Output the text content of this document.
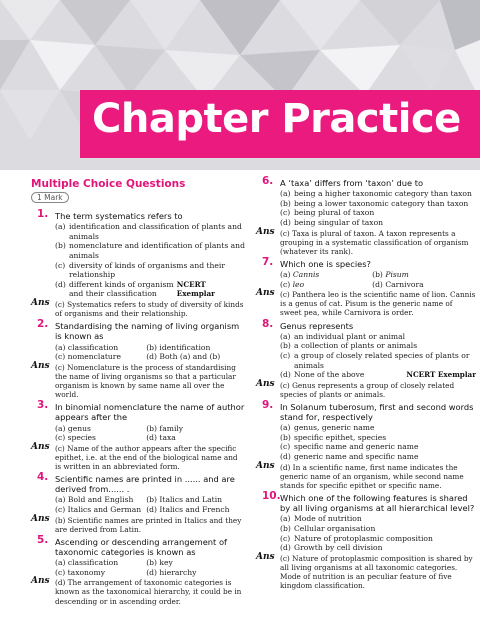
Chapter Practice
Multiple Choice Questions
1 Mark
1. The term systematics refers to
(a) identification and classification of plants and animals
(b) nomenclature and identification of plants and animals
(c) diversity of kinds of organisms and their relationship
(d) different kinds of organism and their classification
NCERT Exemplar
Ans (c) Systematics refers to study of diversity of kinds of organisms and their relationship.
2. Standardising the naming of living organism is known as
(a) classification	(b) identification
(c) nomenclature	(d) Both (a) and (b)
Ans (c) Nomenclature is the process of standardising the name of living organisms so that a particular organism is known by same name all over the world.
3. In binomial nomenclature the name of author appears after the
(a) genus	(b) family
(c) species	(d) taxa
Ans (c) Name of the author appears after the specific epithet, i.e. at the end of the biological name and is written in an abbreviated form.
4. Scientific names are printed in ...... and are derived from...... .
(a) Bold and English	(b) Italics and Latin
(c) Italics and German (d) Italics and French
Ans (b) Scientific names are printed in Italics and they are derived from Latin.
5. Ascending or descending arrangement of taxonomic categories is known as
(a) classification	(b) key
(c) taxonomy	(d) hierarchy
Ans (d) The arrangement of taxonomic categories is known as the taxonomical hierarchy, it could be in descending or in ascending order.
6. A ‘taxa’ differs from ‘taxon’ due to
(a) being a higher taxonomic category than taxon
(b) being a lower taxonomic category than taxon
(c) being plural of taxon
(d) being singular of taxon
Ans (c) Taxa is plural of taxon. A taxon represents a grouping in a systematic classification of organism (whatever its rank).
7. Which one is species?
(a) Cannis	(b) Pisum
(c) leo	(d) Carnivora
Ans (c) Panthera leo is the scientific name of lion. Cannis is a genus of cat. Pisum is the generic name of sweet pea, while Carnivora is order.
8. Genus represents
(a) an individual plant or animal
(b) a collection of plants or animals
(c) a group of closely related species of plants or animals
(d) None of the above	NCERT Exemplar
Ans (c) Genus represents a group of closely related species of plants or animals.
9. In Solanum tuberosum, first and second words stand for, respectively
(a) genus, generic name
(b) specific epithet, species
(c) specific name and generic name
(d) generic name and specific name
Ans (d) In a scientific name, first name indicates the generic name of an organism, while second name stands for specific epithet or specific name.
10. Which one of the following features is shared by all living organisms at all hierarchical level?
(a) Mode of nutrition
(b) Cellular organisation
(c) Nature of protoplasmic composition
(d) Growth by cell division
Ans (c) Nature of protoplasmic composition is shared by all living organisms at all taxonomic categories. Mode of nutrition is an peculiar feature of five kingdom classification.
